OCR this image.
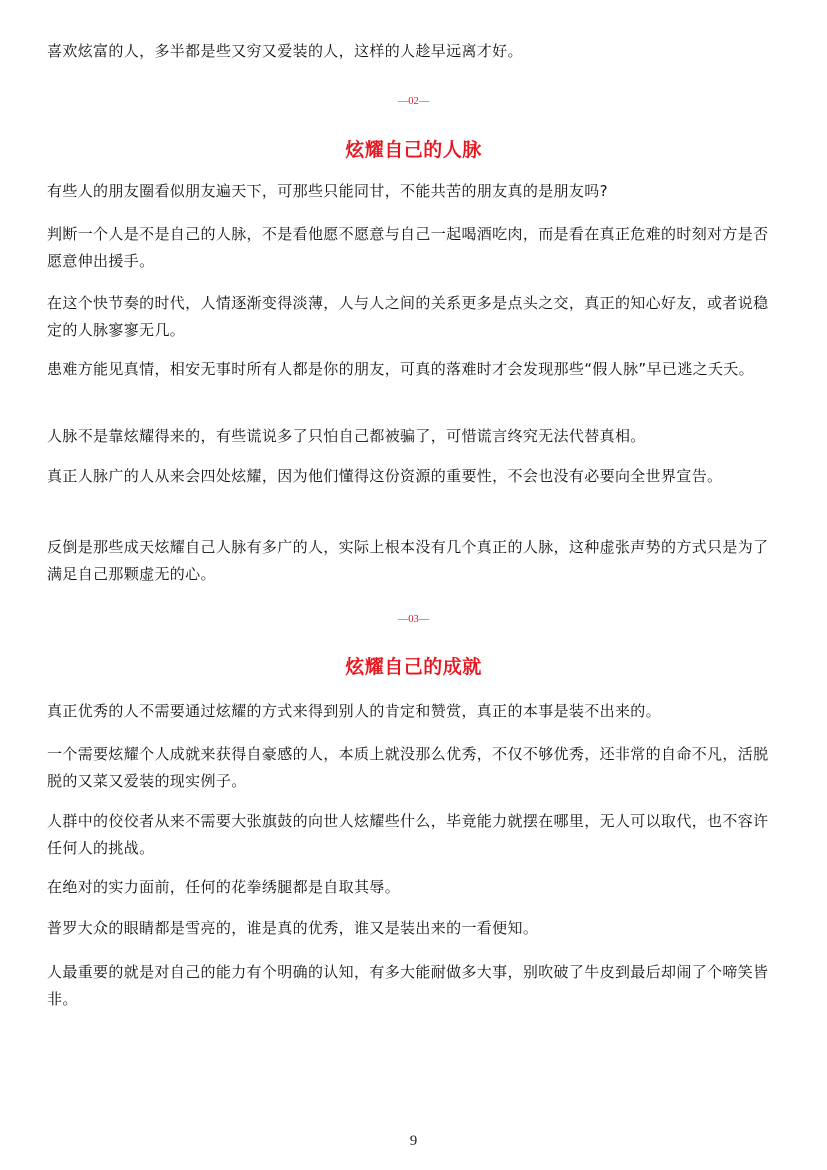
喜欢炫富的人，多半都是些又穷又爱装的人，这样的人趁早远离才好。

—02—

炫耀自己的人脉

有些人的朋友圈看似朋友遍天下，可那些只能同甘，不能共苦的朋友真的是朋友吗?

判断一个人是不是自己的人脉，不是看他愿不愿意与自己一起喝酒吃肉，而是看在真正危难的时刻对方是否愿意伸出援手。

在这个快节奏的时代，人情逐渐变得淡薄，人与人之间的关系更多是点头之交，真正的知心好友，或者说稳定的人脉寥寥无几。

患难方能见真情，相安无事时所有人都是你的朋友，可真的落难时才会发现那些“假人脉”早已逃之夭夭。

人脉不是靠炫耀得来的，有些谎说多了只怕自己都被骗了，可惜谎言终究无法代替真相。

真正人脉广的人从来会四处炫耀，因为他们懂得这份资源的重要性，不会也没有必要向全世界宣告。

反倒是那些成天炫耀自己人脉有多广的人，实际上根本没有几个真正的人脉，这种虚张声势的方式只是为了满足自己那颗虚无的心。

—03—

炫耀自己的成就

真正优秀的人不需要通过炫耀的方式来得到别人的肯定和赞赏，真正的本事是装不出来的。

一个需要炫耀个人成就来获得自豪感的人，本质上就没那么优秀，不仅不够优秀，还非常的自命不凡，活脱脱的又菜又爱装的现实例子。

人群中的佼佼者从来不需要大张旗鼓的向世人炫耀些什么，毕竟能力就摆在哪里，无人可以取代，也不容许任何人的挑战。

在绝对的实力面前，任何的花拳绣腿都是自取其辱。

普罗大众的眼睛都是雪亮的，谁是真的优秀，谁又是装出来的一看便知。

人最重要的就是对自己的能力有个明确的认知，有多大能耐做多大事，别吹破了牛皮到最后却闹了个啼笑皆非。

9
